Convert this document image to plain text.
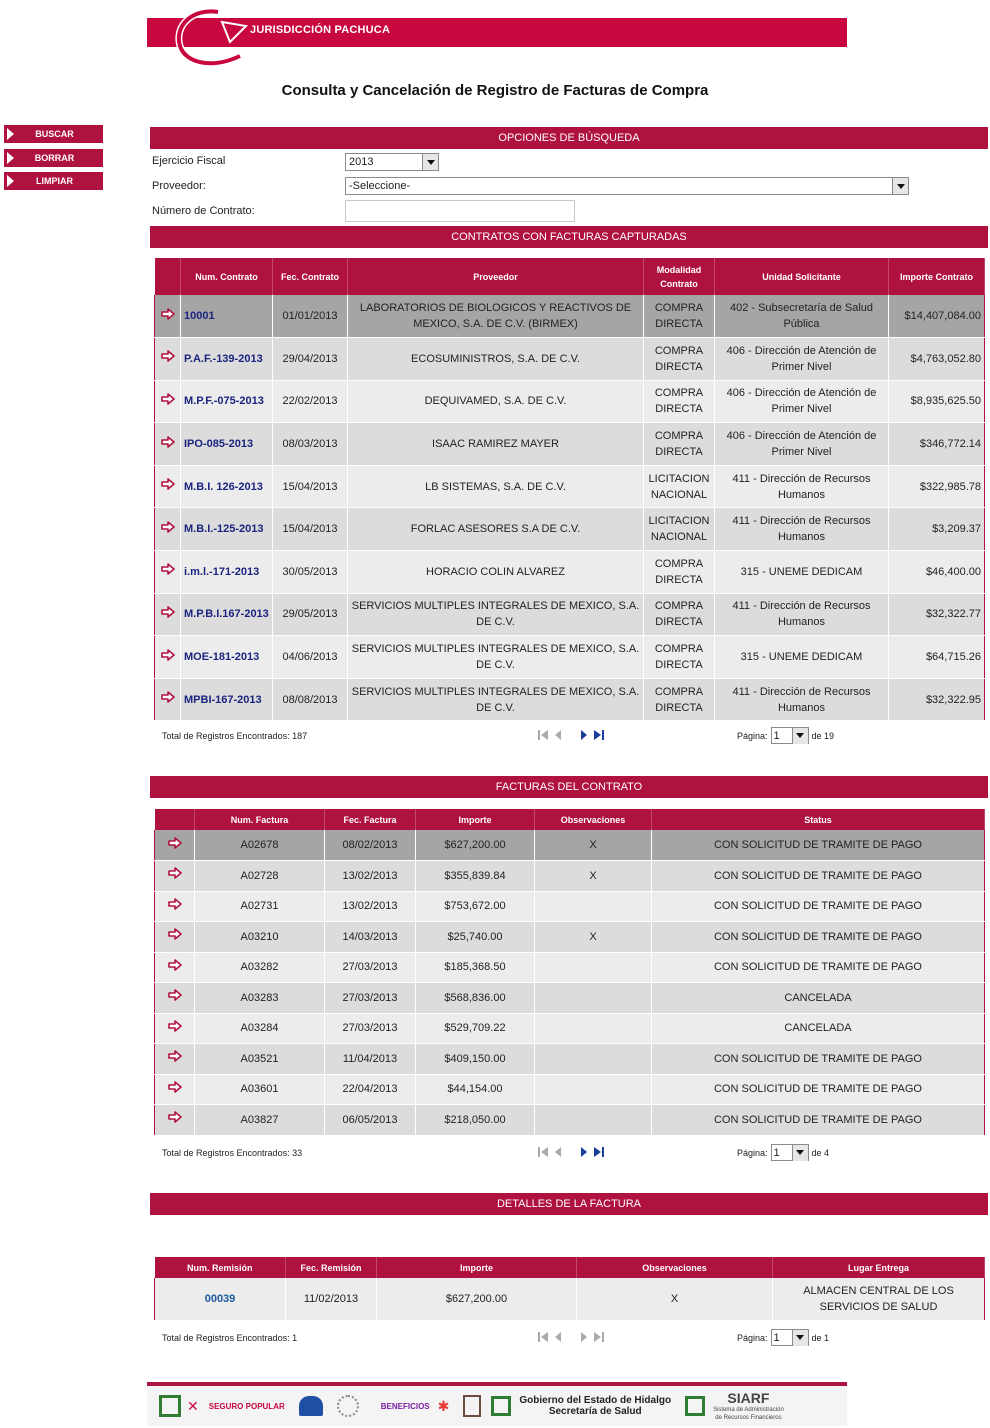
JURISDICCIÓN PACHUCA
Consulta y Cancelación de Registro de Facturas de Compra
BUSCAR
BORRAR
LIMPIAR
OPCIONES DE BÚSQUEDA
Ejercicio Fiscal	2013
Proveedor:	-Seleccione-
Número de Contrato:
CONTRATOS CON FACTURAS CAPTURADAS
	Num. Contrato	Fec. Contrato	Proveedor	Modalidad Contrato	Unidad Solicitante	Importe Contrato
	10001	01/01/2013	LABORATORIOS DE BIOLOGICOS Y REACTIVOS DE MEXICO, S.A. DE C.V. (BIRMEX)	COMPRA DIRECTA	402 - Subsecretaría de Salud Pública	$14,407,084.00
	P.A.F.-139-2013	29/04/2013	ECOSUMINISTROS, S.A. DE C.V.	COMPRA DIRECTA	406 - Dirección de Atención de Primer Nivel	$4,763,052.80
	M.P.F.-075-2013	22/02/2013	DEQUIVAMED, S.A. DE C.V.	COMPRA DIRECTA	406 - Dirección de Atención de Primer Nivel	$8,935,625.50
	IPO-085-2013	08/03/2013	ISAAC RAMIREZ MAYER	COMPRA DIRECTA	406 - Dirección de Atención de Primer Nivel	$346,772.14
	M.B.I. 126-2013	15/04/2013	LB SISTEMAS, S.A. DE C.V.	LICITACION NACIONAL	411 - Dirección de Recursos Humanos	$322,985.78
	M.B.I.-125-2013	15/04/2013	FORLAC ASESORES S.A DE C.V.	LICITACION NACIONAL	411 - Dirección de Recursos Humanos	$3,209.37
	i.m.l.-171-2013	30/05/2013	HORACIO COLIN ALVAREZ	COMPRA DIRECTA	315 - UNEME DEDICAM	$46,400.00
	M.P.B.I.167-2013	29/05/2013	SERVICIOS MULTIPLES INTEGRALES DE MEXICO, S.A. DE C.V.	COMPRA DIRECTA	411 - Dirección de Recursos Humanos	$32,322.77
	MOE-181-2013	04/06/2013	SERVICIOS MULTIPLES INTEGRALES DE MEXICO, S.A. DE C.V.	COMPRA DIRECTA	315 - UNEME DEDICAM	$64,715.26
	MPBI-167-2013	08/08/2013	SERVICIOS MULTIPLES INTEGRALES DE MEXICO, S.A. DE C.V.	COMPRA DIRECTA	411 - Dirección de Recursos Humanos	$32,322.95
Total de Registros Encontrados: 187	Página: 1	de 19
FACTURAS DEL CONTRATO
	Num. Factura	Fec. Factura	Importe	Observaciones	Status
	A02678	08/02/2013	$627,200.00	X	CON SOLICITUD DE TRAMITE DE PAGO
	A02728	13/02/2013	$355,839.84	X	CON SOLICITUD DE TRAMITE DE PAGO
	A02731	13/02/2013	$753,672.00		CON SOLICITUD DE TRAMITE DE PAGO
	A03210	14/03/2013	$25,740.00	X	CON SOLICITUD DE TRAMITE DE PAGO
	A03282	27/03/2013	$185,368.50		CON SOLICITUD DE TRAMITE DE PAGO
	A03283	27/03/2013	$568,836.00		CANCELADA
	A03284	27/03/2013	$529,709.22		CANCELADA
	A03521	11/04/2013	$409,150.00		CON SOLICITUD DE TRAMITE DE PAGO
	A03601	22/04/2013	$44,154.00		CON SOLICITUD DE TRAMITE DE PAGO
	A03827	06/05/2013	$218,050.00		CON SOLICITUD DE TRAMITE DE PAGO
Total de Registros Encontrados: 33	Página: 1	de 4
DETALLES DE LA FACTURA
Num. Remisión	Fec. Remisión	Importe	Observaciones	Lugar Entrega
00039	11/02/2013	$627,200.00	X	ALMACEN CENTRAL DE LOS SERVICIOS DE SALUD
Total de Registros Encontrados: 1	Página: 1	de 1
✕ SEGURO POPULAR	BENEFICIOS ✱	Gobierno del Estado de Hidalgo
Secretaría de Salud
SIARF
Sistema de Administración
de Recursos Financieros
